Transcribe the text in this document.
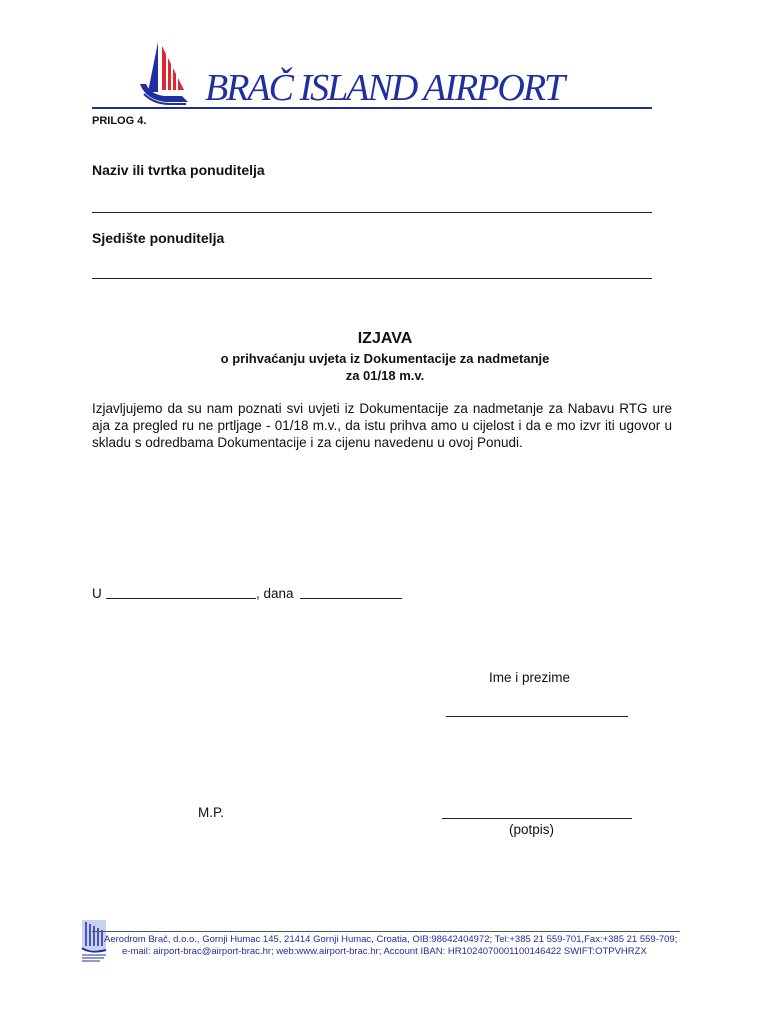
BRAČ ISLAND AIRPORT
PRILOG 4.
Naziv ili tvrtka ponuditelja
Sjedište ponuditelja
IZJAVA
o prihvaćanju uvjeta iz Dokumentacije za nadmetanje
za 01/18 m.v.
Izjavljujemo da su nam poznati svi uvjeti iz Dokumentacije za nadmetanje za Nabavu RTG ure aja za pregled ru ne prtljage - 01/18 m.v., da istu prihva amo u cijelost i da e mo izvr iti ugovor u skladu s odredbama Dokumentacije i za cijenu navedenu u ovoj Ponudi.
U	, dana
Ime i prezime
M.P.
(potpis)
Aerodrom Brač, d.o.o., Gornji Humac 145, 21414 Gornji Humac, Croatia, OIB:98642404972; Tel:+385 21 559-701,Fax:+385 21 559-709;
e-mail: airport-brac@airport-brac.hr; web:www.airport-brac.hr; Account IBAN: HR1024070001100146422 SWIFT:OTPVHRZX
